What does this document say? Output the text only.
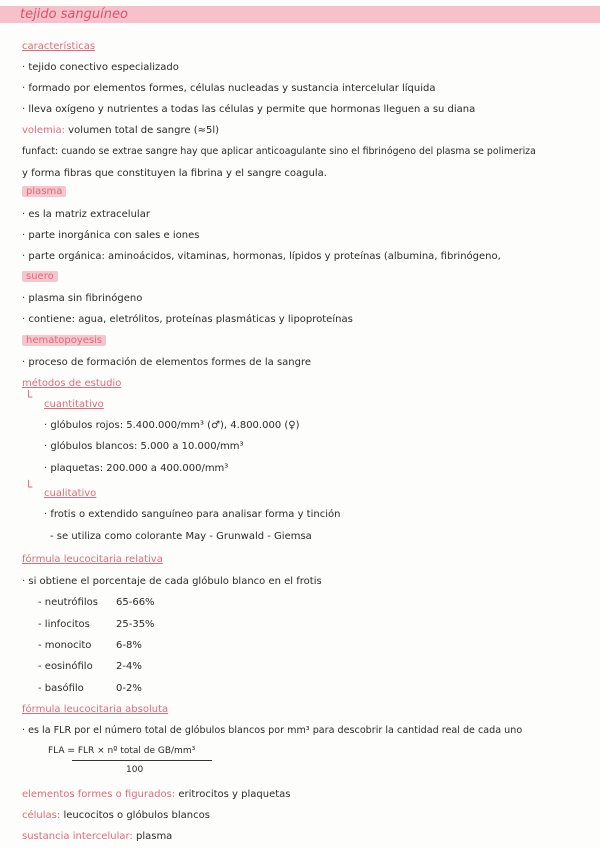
tejido sanguíneo
características
· tejido conectivo especializado
· formado por elementos formes, células nucleadas y sustancia intercelular líquida
· lleva oxígeno y nutrientes a todas las células y permite que hormonas lleguen a su diana
volemia: volumen total de sangre (≈5l)
funfact: cuando se extrae sangre hay que aplicar anticoagulante sino el fibrinógeno del plasma se polimeriza
y forma fibras que constituyen la fibrina y el sangre coagula.
plasma
· es la matriz extracelular
· parte inorgánica con sales e iones
· parte orgánica: aminoácidos, vitaminas, hormonas, lípidos y proteínas (albumina, fibrinógeno,
suero
· plasma sin fibrinógeno
· contiene: agua, eletrólitos, proteínas plasmáticas y lipoproteínas
hematopoyesis
· proceso de formación de elementos formes de la sangre
métodos de estudio
└
cuantitativo
· glóbulos rojos: 5.400.000/mm³ (♂), 4.800.000 (♀)
· glóbulos blancos: 5.000 a 10.000/mm³
· plaquetas: 200.000 a 400.000/mm³
└ cualitativo
· frotis o extendido sanguíneo para analisar forma y tinción
- se utiliza como colorante May - Grunwald - Giemsa
fórmula leucocitaria relativa
· si obtiene el porcentaje de cada glóbulo blanco en el frotis
- neutrófilos 65-66%
- linfocitos	25-35%
- monocito 6-8%
- eosinófilo 2-4%
- basófilo	0-2%
fórmula leucocitaria absoluta
· es la FLR por el número total de glóbulos blancos por mm³ para descobrir la cantidad real de cada uno
FLA = FLR × nº total de GB/mm³
100
elementos formes o figurados: eritrocitos y plaquetas
células: leucocitos o glóbulos blancos
sustancia intercelular: plasma
